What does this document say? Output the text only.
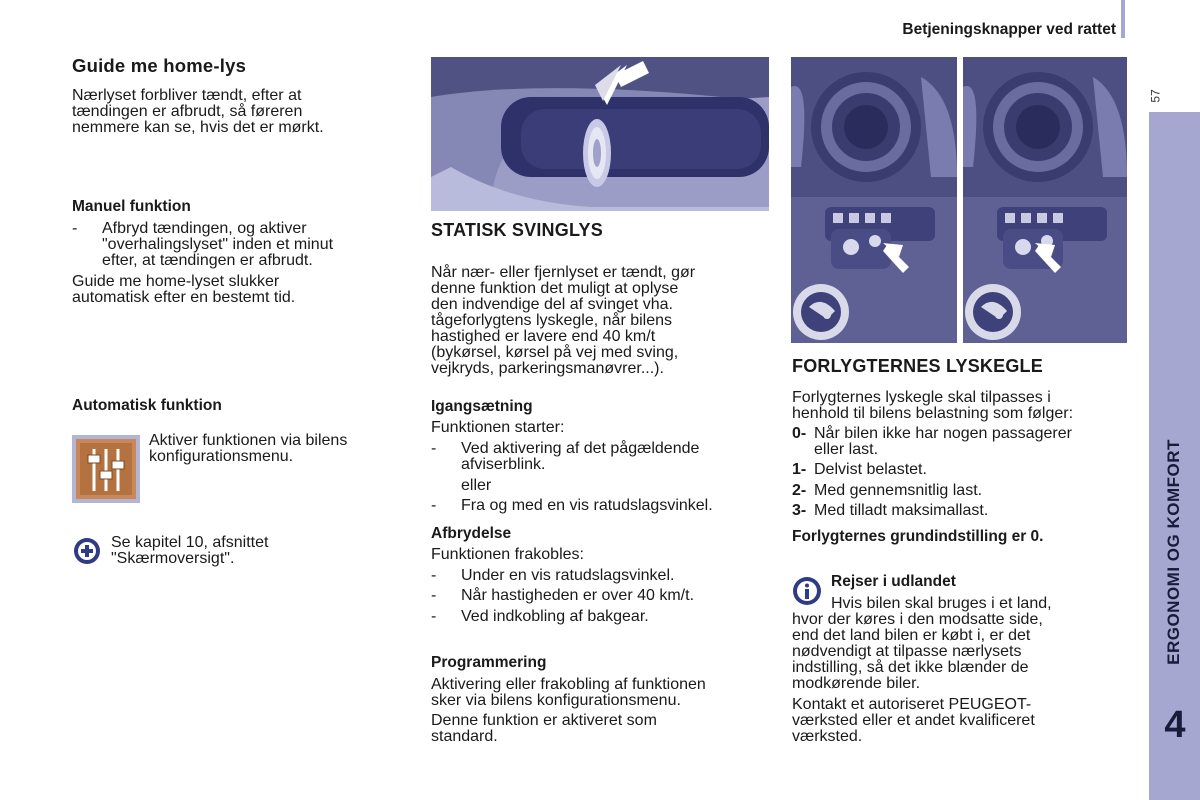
Betjeningsknapper ved rattet
57
ERGONOMI OG KOMFORT
4
Guide me home-lys

Nærlyset forbliver tændt, efter at

tændingen er afbrudt, så føreren

nemmere kan se, hvis det er mørkt.

Manuel funktion
- Afbryd tændingen, og aktiver

"overhalingslyset" inden et minut

efter, at tændingen er afbrudt.

Guide me home-lyset slukker

automatisk efter en bestemt tid.

Automatisk funktion

Aktiver funktionen via bilens

konfigurationsmenu.

Se kapitel 10, afsnittet

"Skærmoversigt".

STATISK SVINGLYS

Når nær- eller fjernlyset er tændt, gør

denne funktion det muligt at oplyse

den indvendige del af svinget vha.

tågeforlygtens lyskegle, når bilens

hastighed er lavere end 40 km/t

(bykørsel, kørsel på vej med sving,

vejkryds, parkeringsmanøvrer...).

Igangsætning
Funktionen starter:
- Ved aktivering af det pågældende

afviserblink.

eller
- Fra og med en vis ratudslagsvinkel.

Afbrydelse
Funktionen frakobles:
- Under en vis ratudslagsvinkel.

- Når hastigheden er over 40 km/t.

- Ved indkobling af bakgear.

Programmering

Aktivering eller frakobling af funktionen

sker via bilens konfigurationsmenu.

Denne funktion er aktiveret som

standard.

FORLYGTERNES LYSKEGLE

Forlygternes lyskegle skal tilpasses i

henhold til bilens belastning som følger:

0- Når bilen ikke har nogen passagerer

eller last.

1- Delvist belastet.

2- Med gennemsnitlig last.

3- Med tilladt maksimallast.

Forlygternes grundindstilling er 0.
Rejser i udlandet

Hvis bilen skal bruges i et land,

hvor der køres i den modsatte side,

end det land bilen er købt i, er det

nødvendigt at tilpasse nærlysets

indstilling, så det ikke blænder de

modkørende biler.

Kontakt et autoriseret PEUGEOT-

værksted eller et andet kvalificeret

værksted.
